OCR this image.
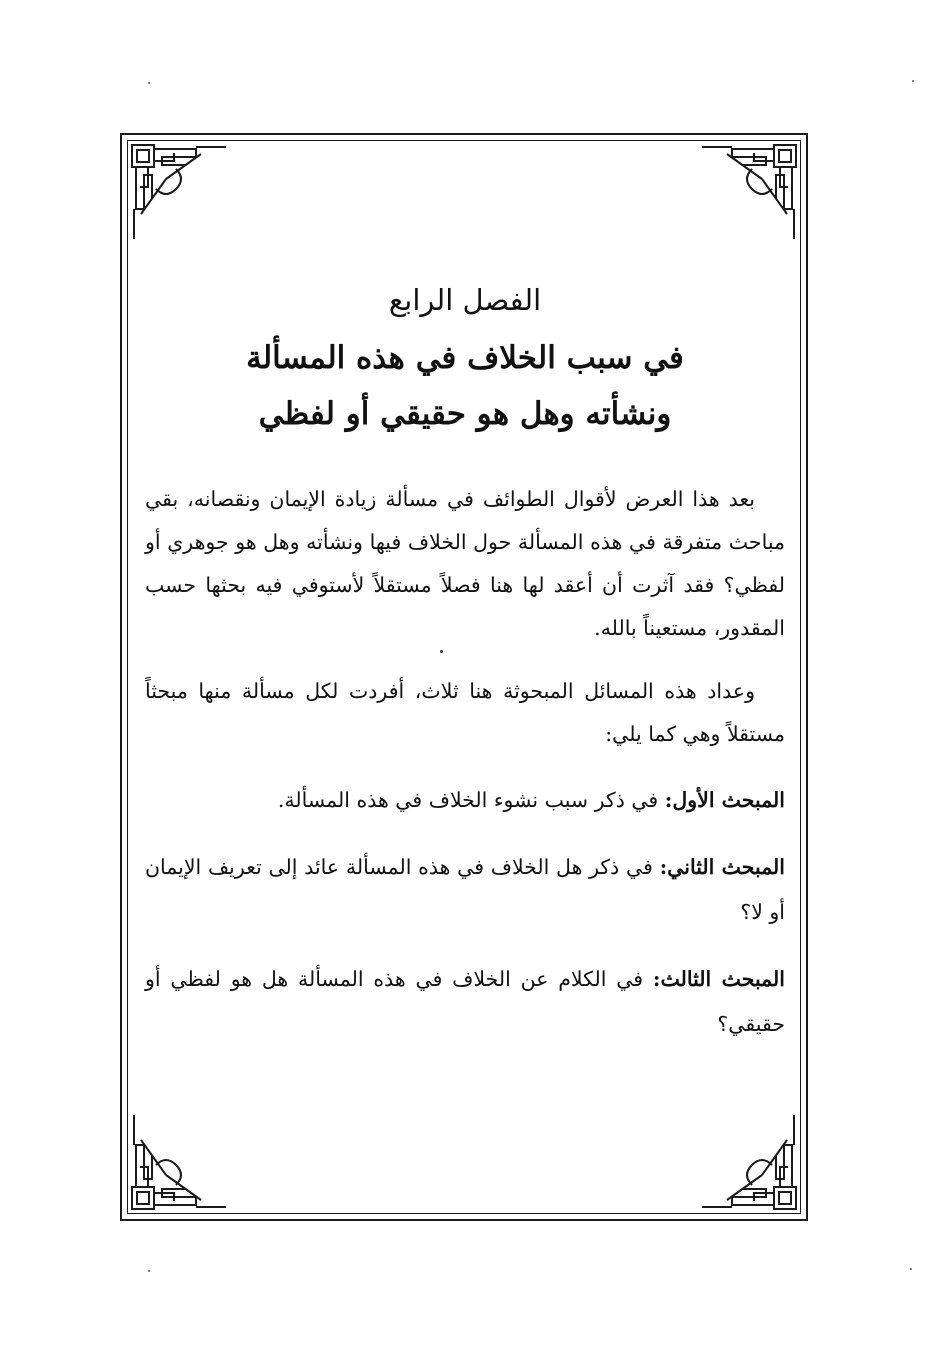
الفصل الرابع

في سبب الخلاف في هذه المسألة
ونشأته وهل هو حقيقي أو لفظي

بعد هذا العرض لأقوال الطوائف في مسألة زيادة الإيمان ونقصانه، بقي مباحث متفرقة في هذه المسألة حول الخلاف فيها ونشأته وهل هو جوهري أو لفظي؟ فقد آثرت أن أعقد لها هنا فصلاً مستقلاً لأستوفي فيه بحثها حسب المقدور، مستعيناً بالله.

وعداد هذه المسائل المبحوثة هنا ثلاث، أفردت لكل مسألة منها مبحثاً مستقلاً وهي كما يلي:

المبحث الأول: في ذكر سبب نشوء الخلاف في هذه المسألة.

المبحث الثاني: في ذكر هل الخلاف في هذه المسألة عائد إلى تعريف الإيمان أو لا؟

المبحث الثالث: في الكلام عن الخلاف في هذه المسألة هل هو لفظي أو حقيقي؟
